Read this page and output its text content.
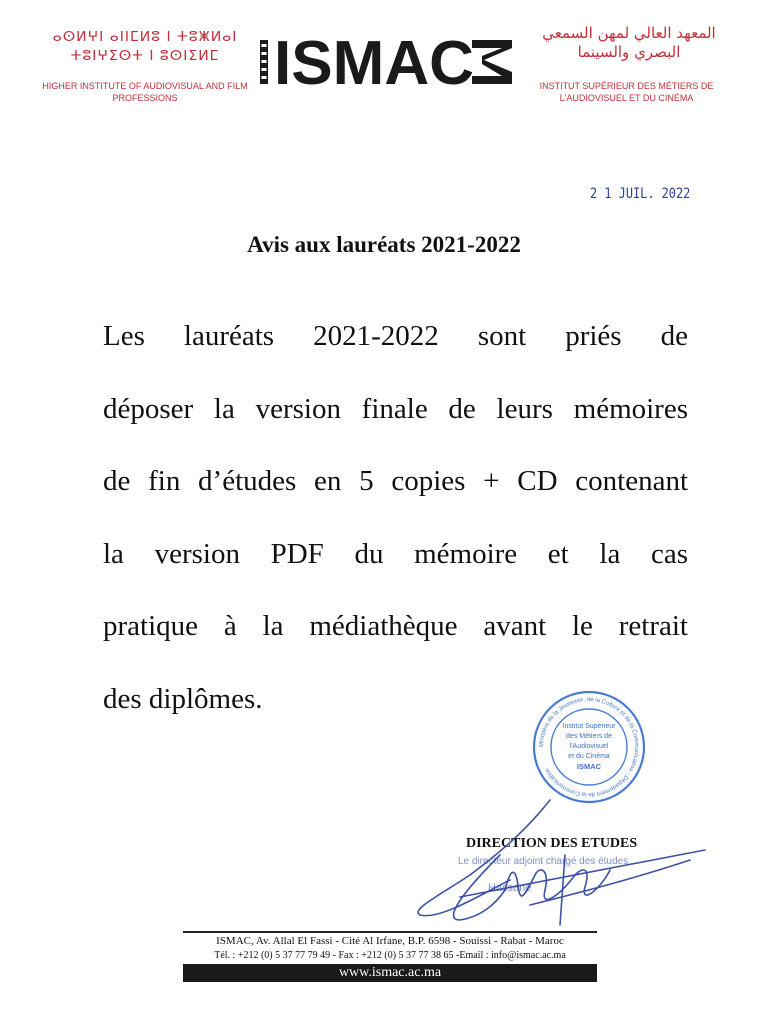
ⴰⵙⵍⵖⵏ ⴰⵏⵏⵎⵍⵓ ⵏ ⵜⵓⵥⵍⴰⵏ
ⵜⵓⵏⵖⵉⵙⵜ ⵏ ⵓⵙⵏⵉⵍⵎ
HIGHER INSTITUTE OF AUDIOVISUAL AND FILM PROFESSIONS	ISMAC	المعهد العالي لمهن السمعي
البصري والسينما
INSTITUT SUPÉRIEUR DES MÉTIERS DE L'AUDIOVISUEL ET DU CINÉMA
2 1 JUIL. 2022
Avis aux lauréats 2021-2022
Les lauréats 2021-2022 sont priés de
déposer la version finale de leurs mémoires
de fin d’études en 5 copies + CD contenant
la version PDF du mémoire et la cas
pratique à la médiathèque avant le retrait
des diplômes.
Ministère de la Jeunesse, de la Culture et de la Communication - Département de la Communication
Institut Supérieur
des Métiers de
l'Audiovisuel
et du Cinéma
ISMAC
DIRECTION DES ETUDES
Le directeur adjoint chargé des études
Hassane
ISMAC, Av. Allal El Fassi - Cité Al Irfane, B.P. 6598 - Souissi - Rabat - Maroc
Tél. : +212 (0) 5 37 77 79 49 - Fax : +212 (0) 5 37 77 38 65 -Email : info@ismac.ac.ma
www.ismac.ac.ma
